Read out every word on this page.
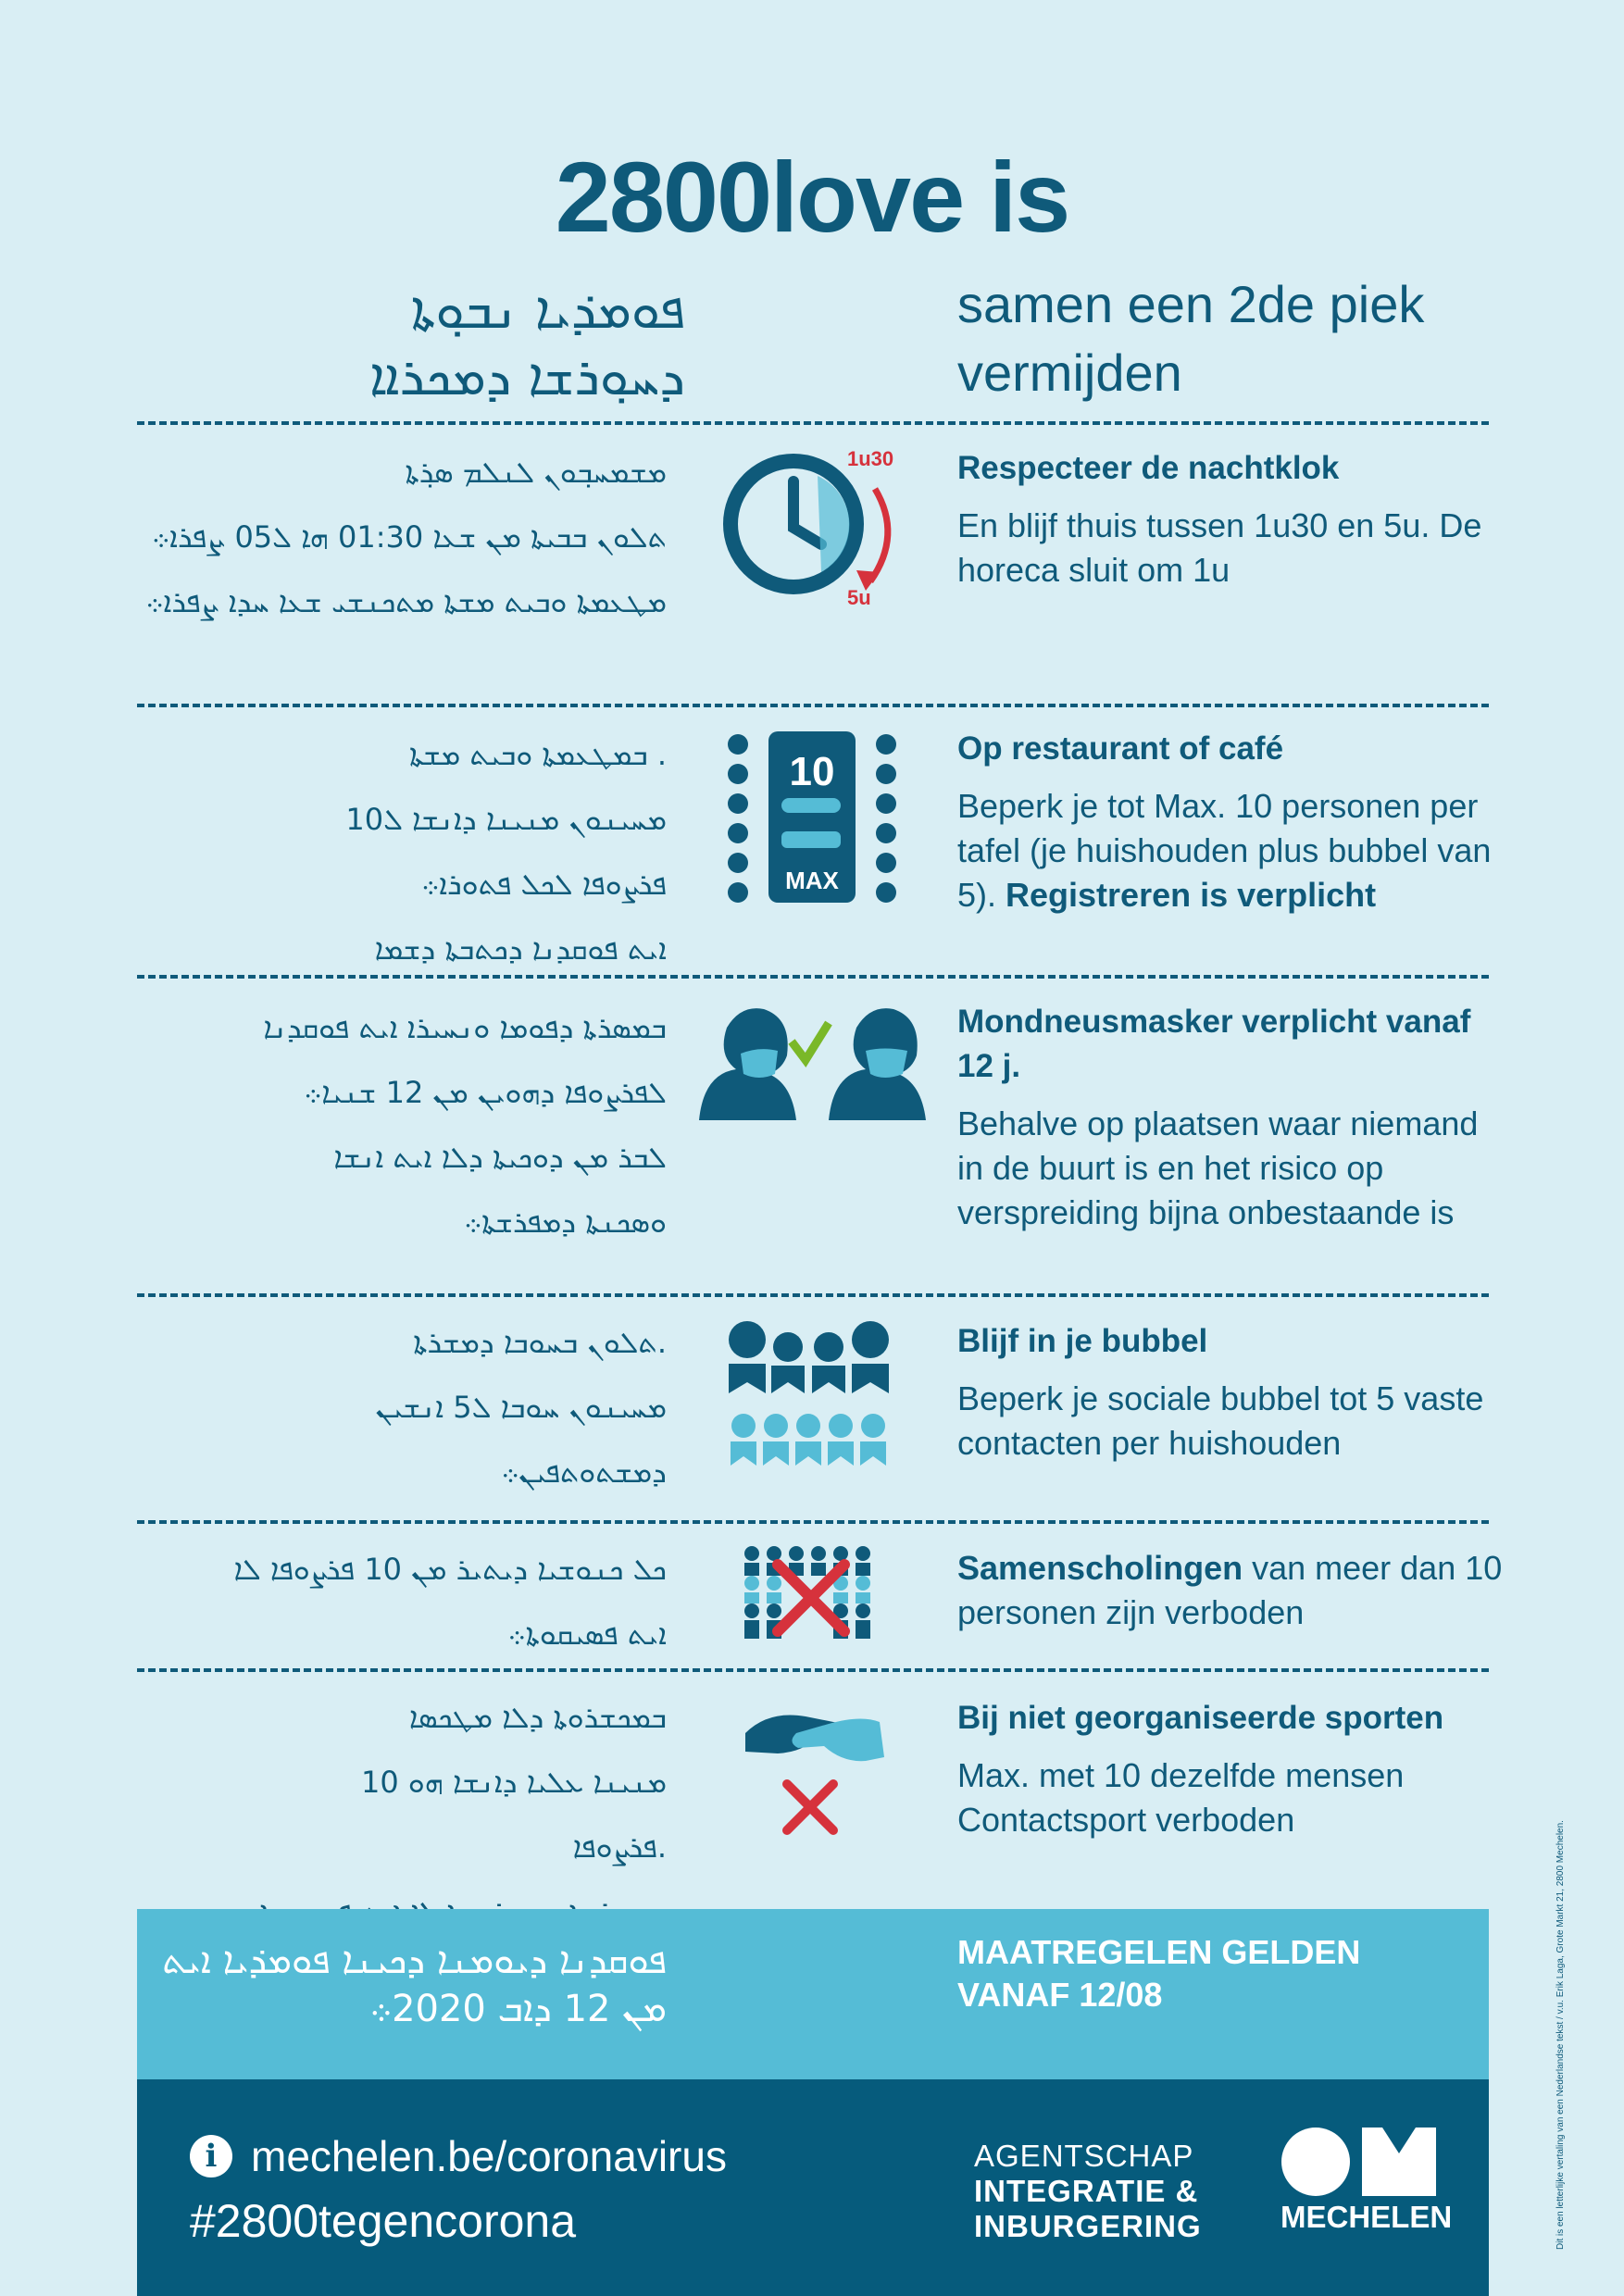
2800love is
ܦܘܡܕ݁ܝܐ ܢܒܘ݂ܬܐ
ܕܚܘ݂ܪܫܐ ܕܡܟܪܐܐ
samen een 2de piek vermijden

ܡܫܡܚܒ݂ܘܢ ܠܢܠܡ ܣܪ݂ܬܐ

ܬܠܘܢ ܒܒܝܬܐ ܡܢ ܫܥܐ 01:30 ܗܐ ܠ05 ܨܦܪܐ܀

ܡܛܥܡܬܐ ܘܒܝܬ ܡܫܬܐ ܡܬܟܢܫܝ ܫܥܐ ܚܕܐ ܨܦܪܐ܀

1u30
5u
Respecteer de nachtklok
En blijf thuis tussen 1u30 en 5u. De horeca sluit om 1u

. ܒܡܛܥܡܬܐ ܘܒܝܬ ܡܫܬܐ

ܡܚܝܢܘܢ ܡܢܝܢܐ ܕܐܢܫܐ ܠ10

ܦܪܨܘܦܐ ܠܟܠ ܦܬܘܪܐ܀

ܐܝܬ ܦܘܩܕܢܐ ܕܟܬܒܬܐ ܕܫܡܐ

10
MAX
Op restaurant of café
Beperk je tot Max. 10 personen per tafel (je huishouden plus bubbel van 5). Registreren is verplicht

ܒܡܣܪܬܐ ܕܦܘܡܐ ܘܢܚܝܪܐ ܐܝܬ ܦܘܩܕܢܐ

ܠܦܪܨܘܦܐ ܕܗܘܝܢ ܡܢ 12 ܫܢܝܐ܀

ܠܒܪ ܡܢ ܕܘܟܝܬܐ ܕܠܐ ܐܝܬ ܐܢܫܐ

ܘܣܟܢܬܐ ܕܡܦܪܫܬܐ܀

Mondneusmasker verplicht vanaf 12 j.
Behalve op plaatsen waar niemand in de buurt is en het risico op verspreiding bijna onbestaande is

.ܬܠܘܢ ܒܚܘܒܐ ܕܡܫܪܬܐ

ܡܚܝܢܘܢ ܚܘܒܐ ܠ5 ܐܢܫܝܢ

ܕܡܫܬܘܬܦܝܢ܀

Blijf in je bubbel
Beperk je sociale bubbel tot 5 vaste contacten per huishouden

ܟܠ ܟܢܘܫܝܐ ܕܝܬܝܪ ܡܢ 10 ܦܪܨܘܦܐ ܠܐ

ܐܝܬ ܦܣܝܩܘܬܐ܀

Samenscholingen van meer dan 10 personen zijn verboden

ܒܡܟܫܪܘܬܐ ܕܠܐ ܡܛܟܣܐ

ܡܢܝܢܐ ܥܠܝܐ ܕܐܢܫܐ ܗܘ 10

.ܦܪܨܘܦܐ

Bij niet georganiseerde sporten
Max. met 10 dezelfde mensen Contactsport verboden
ܦܘܩܕܢܐ ܕܝܘܡܢܐ ܕܟܝܢܐ ܦܘܡܕ݁ܝܐ ܐܝܬ ܡܢ 12 ܕܐܒ 2020܀
MAATREGELEN GELDEN VANAF 12/08
i mechelen.be/coronavirus
#2800tegencorona
AGENTSCHAP
INTEGRATIE &
INBURGERING	MECHELEN	Dit is een letterlijke vertaling van een Nederlandse tekst / v.u. Erik Laga, Grote Markt 21, 2800 Mechelen.
